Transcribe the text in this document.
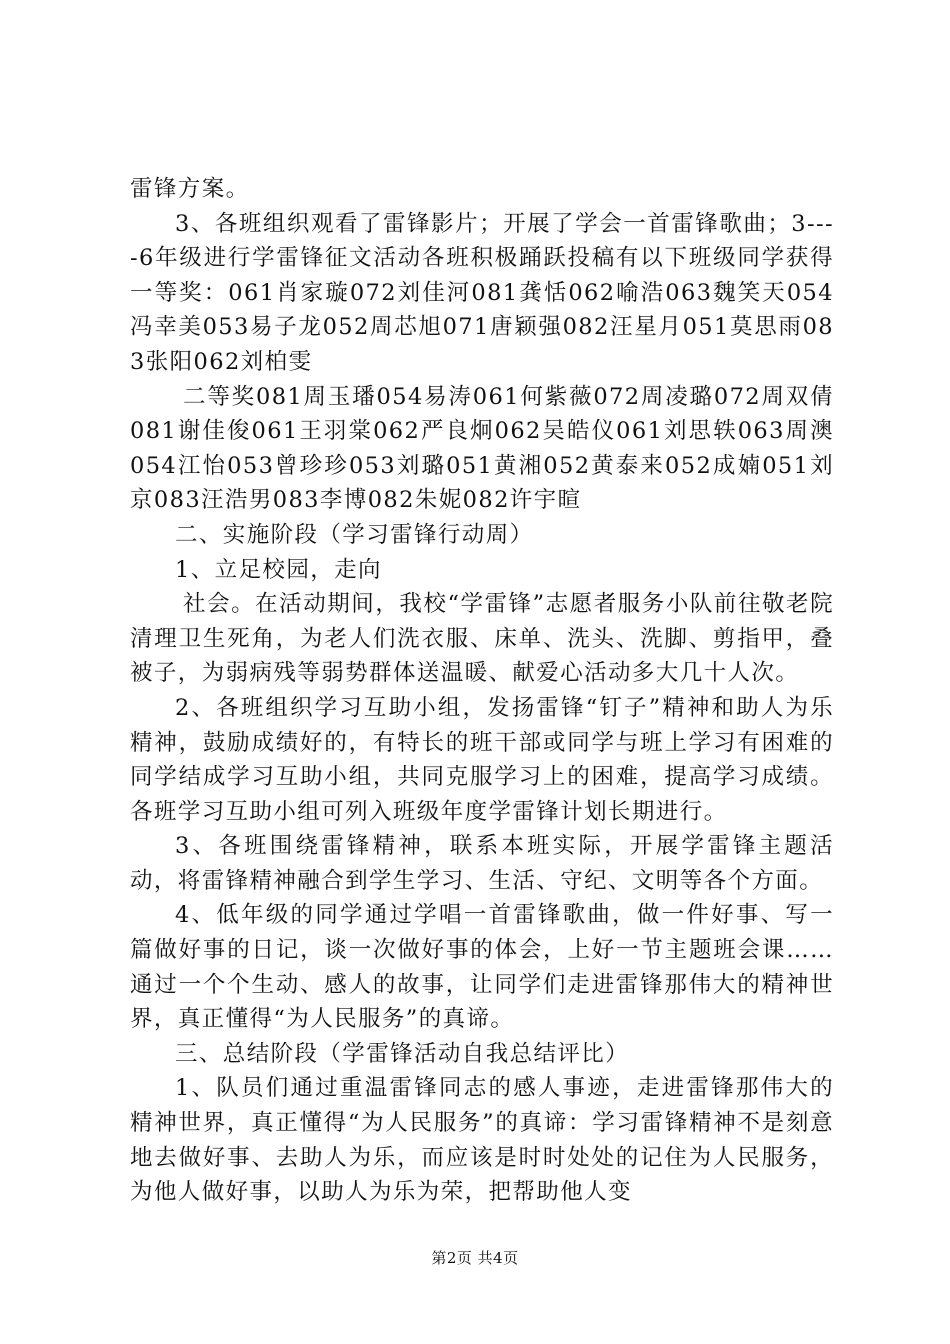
雷锋方案。

3、各班组织观看了雷锋影片；开展了学会一首雷锋歌曲；3----6年级进行学雷锋征文活动各班积极踊跃投稿有以下班级同学获得一等奖：061肖家璇072刘佳河081龚恬062喻浩063魏笑天054冯幸美053易子龙052周芯旭071唐颖强082汪星月051莫思雨083张阳062刘柏雯

二等奖081周玉璠054易涛061何紫薇072周凌璐072周双倩081谢佳俊061王羽棠062严良炯062吴皓仪061刘思轶063周澳054江怡053曾珍珍053刘璐051黄湘052黄泰来052成婻051刘京083汪浩男083李博082朱妮082许宇暄

二、实施阶段（学习雷锋行动周）

1、立足校园，走向

社会。在活动期间，我校“学雷锋”志愿者服务小队前往敬老院清理卫生死角，为老人们洗衣服、床单、洗头、洗脚、剪指甲，叠被子，为弱病残等弱势群体送温暖、献爱心活动多大几十人次。

2、各班组织学习互助小组，发扬雷锋“钉子”精神和助人为乐精神，鼓励成绩好的，有特长的班干部或同学与班上学习有困难的同学结成学习互助小组，共同克服学习上的困难，提高学习成绩。各班学习互助小组可列入班级年度学雷锋计划长期进行。

3、各班围绕雷锋精神，联系本班实际，开展学雷锋主题活动，将雷锋精神融合到学生学习、生活、守纪、文明等各个方面。

4、低年级的同学通过学唱一首雷锋歌曲，做一件好事、写一篇做好事的日记，谈一次做好事的体会，上好一节主题班会课……通过一个个生动、感人的故事，让同学们走进雷锋那伟大的精神世界，真正懂得“为人民服务”的真谛。

三、总结阶段（学雷锋活动自我总结评比）

1、队员们通过重温雷锋同志的感人事迹，走进雷锋那伟大的精神世界，真正懂得“为人民服务”的真谛：学习雷锋精神不是刻意地去做好事、去助人为乐，而应该是时时处处的记住为人民服务，为他人做好事，以助人为乐为荣，把帮助他人变

第2页 共4页
